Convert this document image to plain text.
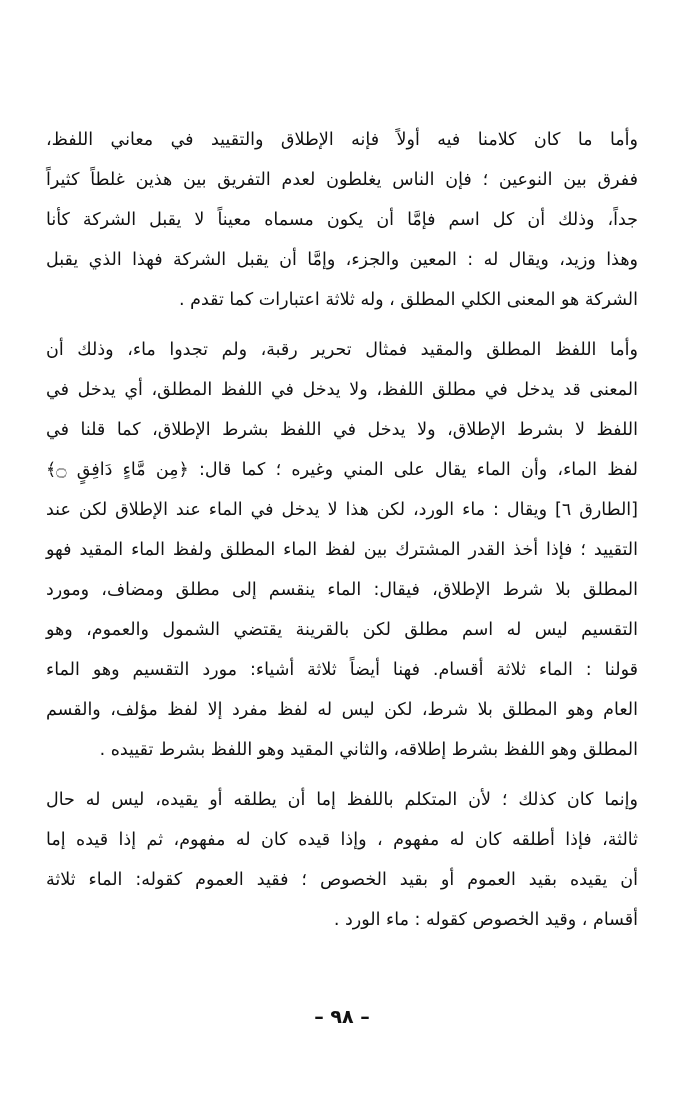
وأما ما كان كلامنا فيه أولاً فإنه الإطلاق والتقييد في معاني اللفظ،
ففرق بين النوعين ؛ فإن الناس يغلطون لعدم التفريق بين هذين غلطاً كثيراً
جداً، وذلك أن كل اسم فإمَّا أن يكون مسماه معيناً لا يقبل الشركة كأنا
وهذا وزيد، ويقال له : المعين والجزء، وإمَّا أن يقبل الشركة فهذا الذي يقبل
الشركة هو المعنى الكلي المطلق ، وله ثلاثة اعتبارات كما تقدم .
وأما اللفظ المطلق والمقيد فمثال تحرير رقبة، ولم تجدوا ماء، وذلك أن
المعنى قد يدخل في مطلق اللفظ، ولا يدخل في اللفظ المطلق، أي يدخل في
اللفظ لا بشرط الإطلاق، ولا يدخل في اللفظ بشرط الإطلاق، كما قلنا في
لفظ الماء، وأن الماء يقال على المني وغيره ؛ كما قال: ﴿مِن مَّاءٍ دَافِقٍ ۝﴾
[الطارق ٦] ويقال : ماء الورد، لكن هذا لا يدخل في الماء عند الإطلاق لكن عند
التقييد ؛ فإذا أخذ القدر المشترك بين لفظ الماء المطلق ولفظ الماء المقيد فهو
المطلق بلا شرط الإطلاق، فيقال: الماء ينقسم إلى مطلق ومضاف، ومورد
التقسيم ليس له اسم مطلق لكن بالقرينة يقتضي الشمول والعموم، وهو
قولنا : الماء ثلاثة أقسام. فهنا أيضاً ثلاثة أشياء: مورد التقسيم وهو الماء
العام وهو المطلق بلا شرط، لكن ليس له لفظ مفرد إلا لفظ مؤلف، والقسم
المطلق وهو اللفظ بشرط إطلاقه، والثاني المقيد وهو اللفظ بشرط تقييده .
وإنما كان كذلك ؛ لأن المتكلم باللفظ إما أن يطلقه أو يقيده، ليس له حال
ثالثة، فإذا أطلقه كان له مفهوم ، وإذا قيده كان له مفهوم، ثم إذا قيده إما
أن يقيده بقيد العموم أو بقيد الخصوص ؛ فقيد العموم كقوله: الماء ثلاثة
أقسام ، وقيد الخصوص كقوله : ماء الورد .
– ٩٨ –
